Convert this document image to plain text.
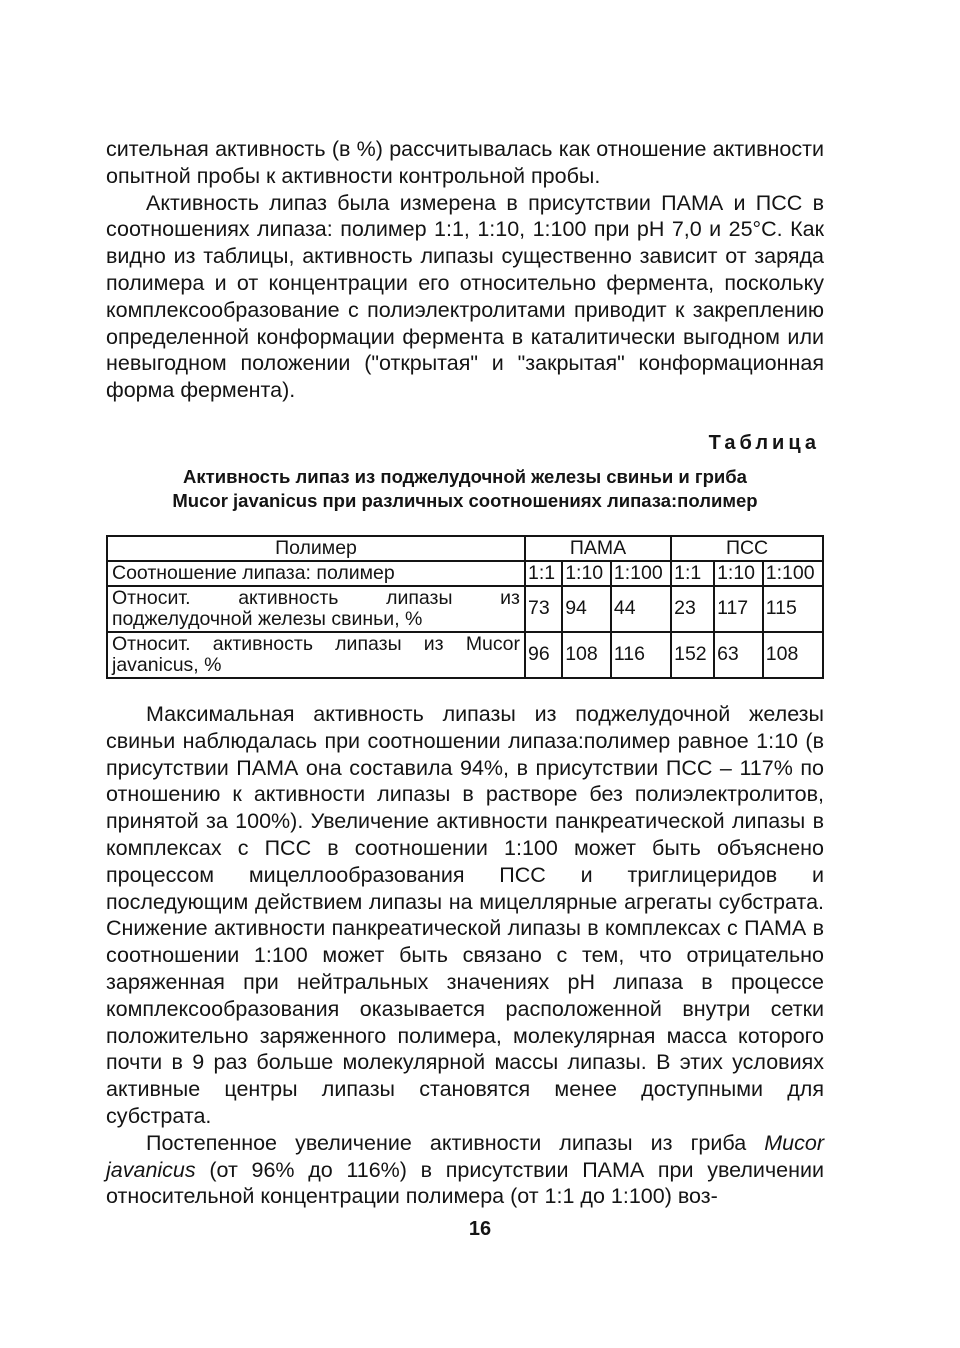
сительная активность (в %) рассчитывалась как отношение активности опытной пробы к активности контрольной пробы.

Активность липаз была измерена в присутствии ПАМА и ПСС в соотношениях липаза: полимер 1:1, 1:10, 1:100 при pH 7,0 и 25°С. Как видно из таблицы, активность липазы существенно зависит от заряда полимера и от концентрации его относительно фермента, поскольку комплексообразование с полиэлектролитами приводит к закреплению определенной конформации фермента в каталитически выгодном или невыгодном положении ("открытая" и "закрытая" конформационная форма фермента).

Таблица
Активность липаз из поджелудочной железы свиньи и гриба
Mucor javanicus при различных соотношениях липаза:полимер
Полимер	ПАМА			ПСС		
Соотношение липаза: полимер	1:1	1:10	1:100	1:1	1:10	1:100
Относит. активность липазы из поджелудочной железы свиньи, %	73	94	44	23	117	115
Относит. активность липазы из Mucor javanicus, %	96	108	116	152	63	108

Максимальная активность липазы из поджелудочной железы свиньи наблюдалась при соотношении липаза:полимер равное 1:10 (в присутствии ПАМА она составила 94%, в присутствии ПСС – 117% по отношению к активности липазы в растворе без полиэлектролитов, принятой за 100%). Увеличение активности панкреатической липазы в комплексах с ПСС в соотношении 1:100 может быть объяснено процессом мицеллообразования ПСС и триглицеридов и последующим действием липазы на мицеллярные агрегаты субстрата. Снижение активности панкреатической липазы в комплексах с ПАМА в соотношении 1:100 может быть связано с тем, что отрицательно заряженная при нейтральных значениях pH липаза в процессе комплексообразования оказывается расположенной внутри сетки положительно заряженного полимера, молекулярная масса которого почти в 9 раз больше молекулярной массы липазы. В этих условиях активные центры липазы становятся менее доступными для субстрата.

Постепенное увеличение активности липазы из гриба Mucor javanicus (от 96% до 116%) в присутствии ПАМА при увеличении относительной концентрации полимера (от 1:1 до 1:100) воз-

16
